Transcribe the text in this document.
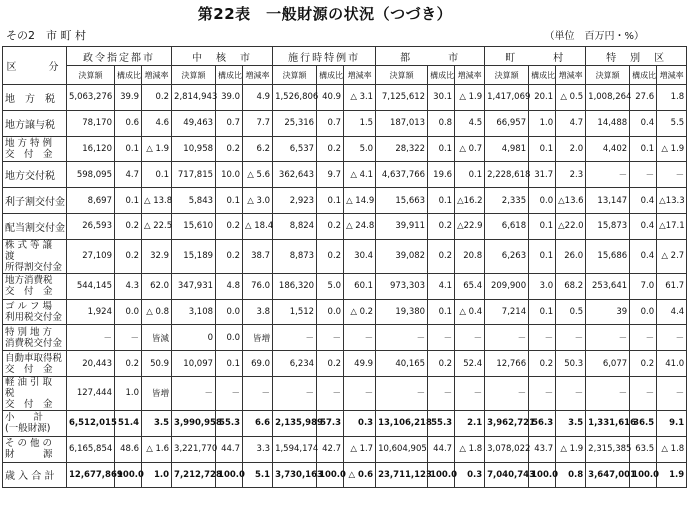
第22表　一般財源の状況（つづき）
その2　市 町 村	（単位　百万円・%）
区　　分	政令指定都市			中　核　市			施行時特例市			都　　　市			町　　　村			特　別　区		
	決算額	構成比	増減率	決算額	構成比	増減率	決算額	構成比	増減率	決算額	構成比	増減率	決算額	構成比	増減率	決算額	構成比	増減率
地　方　税	5,063,276	39.9	0.2	2,814,943	39.0	4.9	1,526,806	40.9	△ 3.1	7,125,612	30.1	△ 1.9	1,417,069	20.1	△ 0.5	1,008,264	27.6	1.8
地方譲与税	78,170	0.6	4.6	49,463	0.7	7.7	25,316	0.7	1.5	187,013	0.8	4.5	66,957	1.0	4.7	14,488	0.4	5.5
地 方 特 例
交　付　金	16,120	0.1	△ 1.9	10,958	0.2	6.2	6,537	0.2	5.0	28,322	0.1	△ 0.7	4,981	0.1	2.0	4,402	0.1	△ 1.9
地方交付税	598,095	4.7	0.1	717,815	10.0	△ 5.6	362,643	9.7	△ 4.1	4,637,766	19.6	0.1	2,228,618	31.7	2.3	－	－	－
利子割交付金	8,697	0.1	△ 13.8	5,843	0.1	△ 3.0	2,923	0.1	△ 14.9	15,663	0.1	△16.2	2,335	0.0	△13.6	13,147	0.4	△13.3
配当割交付金	26,593	0.2	△ 22.5	15,610	0.2	△ 18.4	8,824	0.2	△ 24.8	39,911	0.2	△22.9	6,618	0.1	△22.0	15,873	0.4	△17.1
株 式 等 譲 渡
所得割交付金	27,109	0.2	32.9	15,189	0.2	38.7	8,873	0.2	30.4	39,082	0.2	20.8	6,263	0.1	26.0	15,686	0.4	△ 2.7
地方消費税
交　付　金	544,145	4.3	62.0	347,931	4.8	76.0	186,320	5.0	60.1	973,303	4.1	65.4	209,900	3.0	68.2	253,641	7.0	61.7
ゴ ル フ 場
利用税交付金	1,924	0.0	△ 0.8	3,108	0.0	3.8	1,512	0.0	△ 0.2	19,380	0.1	△ 0.4	7,214	0.1	0.5	39	0.0	4.4
特 別 地 方
消費税交付金	－	－	皆減	0	0.0	皆増	－	－	－	－	－	－	－	－	－	－	－	－
自動車取得税
交　付　金	20,443	0.2	50.9	10,097	0.1	69.0	6,234	0.2	49.9	40,165	0.2	52.4	12,766	0.2	50.3	6,077	0.2	41.0
軽 油 引 取 税
交　付　金	127,444	1.0	皆増	－	－	－	－	－	－	－	－	－	－	－	－	－	－	－
小　　計
(一般財源)	6,512,015	51.4	3.5	3,990,958	55.3	6.6	2,135,989	57.3	0.3	13,106,218	55.3	2.1	3,962,721	56.3	3.5	1,331,616	36.5	9.1
そ の 他 の
財　　　源	6,165,854	48.6	△ 1.6	3,221,770	44.7	3.3	1,594,174	42.7	△ 1.7	10,604,905	44.7	△ 1.8	3,078,022	43.7	△ 1.9	2,315,385	63.5	△ 1.8
歳 入 合 計	12,677,869	100.0	1.0	7,212,728	100.0	5.1	3,730,163	100.0	△ 0.6	23,711,123	100.0	0.3	7,040,743	100.0	0.8	3,647,001	100.0	1.9
